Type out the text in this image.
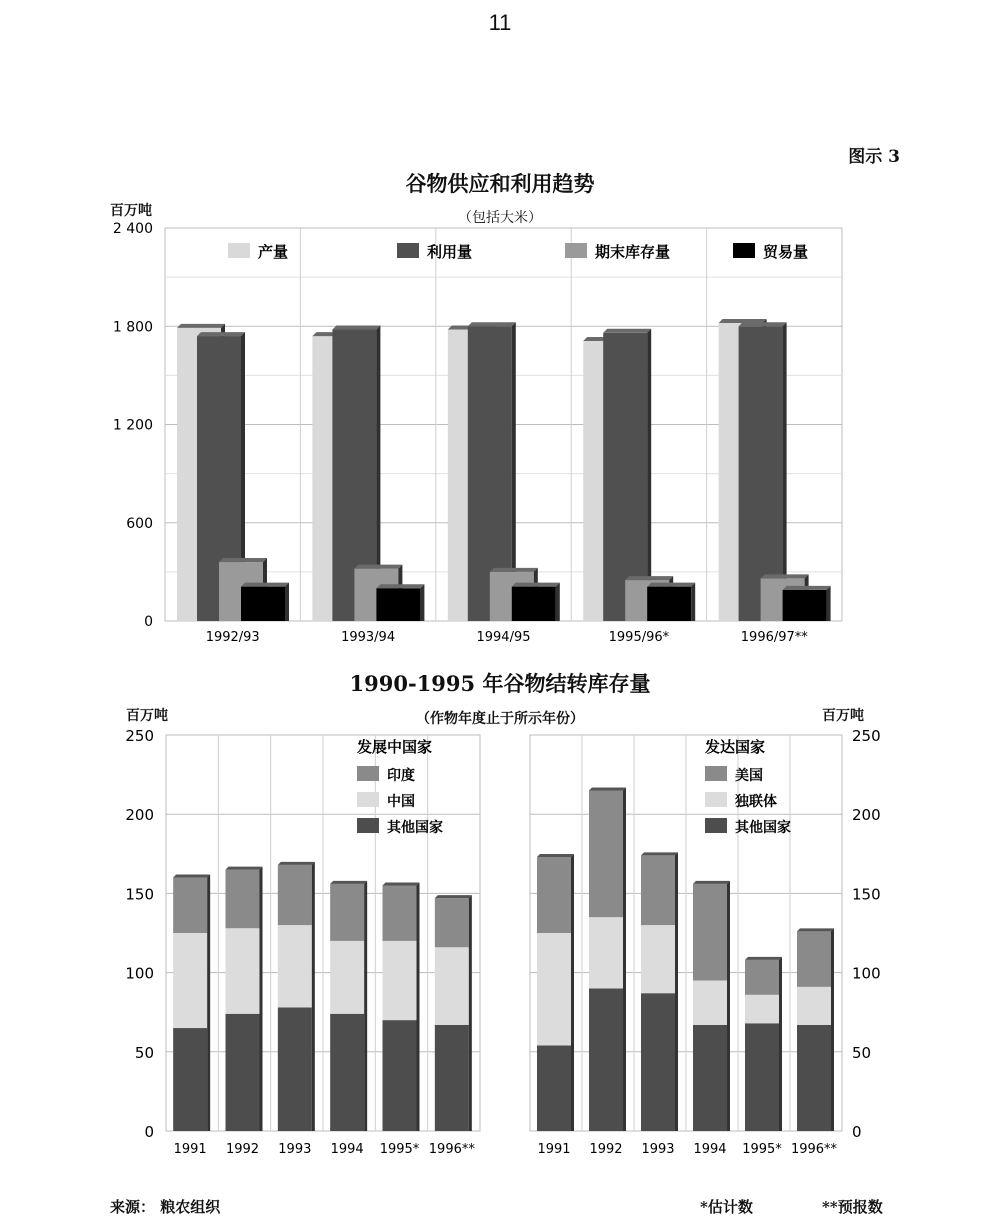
11
图示 3
谷物供应和利用趋势
（包括大米）
百万吨
0
600
1 200
1 800
2 400
1992/93	1993/94	1994/95	1995/96*	1996/97**
产量	利用量	期末库存量	贸易量
1990-1995 年谷物结转库存量
（作物年度止于所示年份）
百万吨	百万吨
0
50
100
150
200
250
1991 1992 1993 1994 1995* 1996**
发展中国家
印度
中国
其他国家
0
50
100
150
200
250
1991 1992 1993 1994 1995* 1996**
发达国家
美国
独联体
其他国家
来源： 粮农组织	*估计数	**预报数
